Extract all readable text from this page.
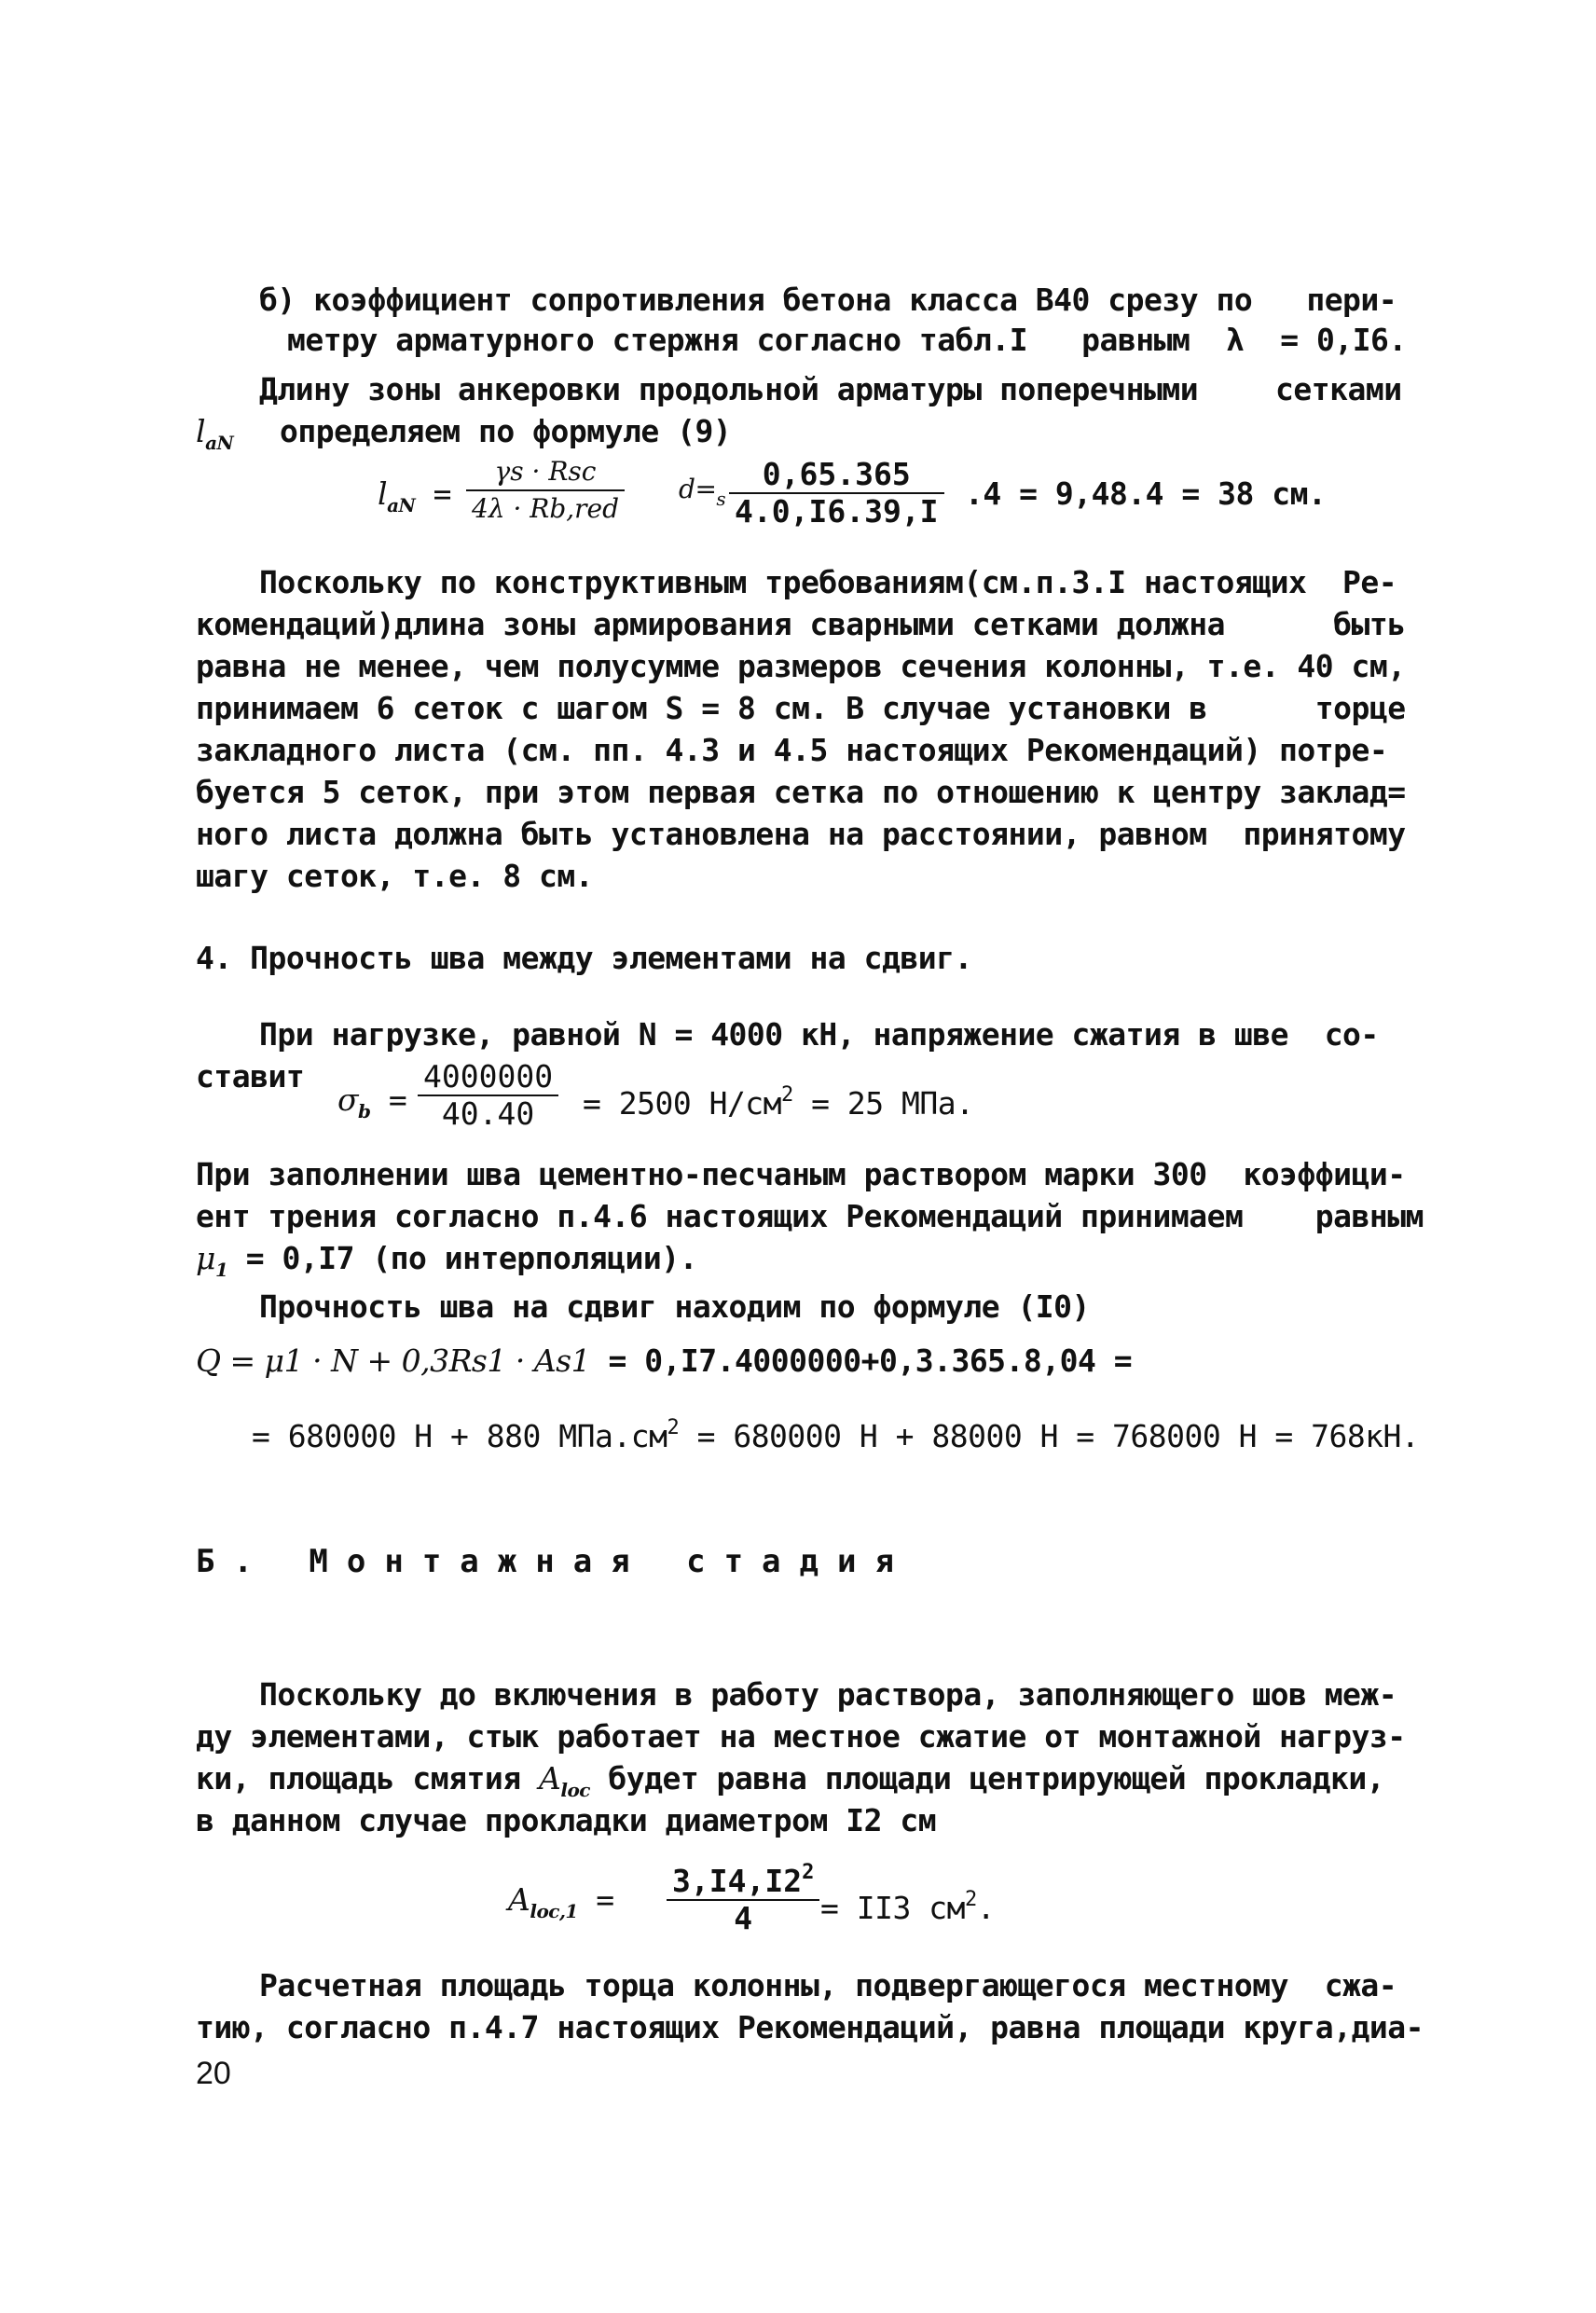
б) коэффициент сопротивления бетона класса В40 срезу по   пери-
метру арматурного стержня согласно табл.I   равным  λ  = 0,I6.
Длину зоны анкеровки продольной арматуры поперечными	сетками
$l_{aN}$ определяем по формуле (9)
$l_{aN}$ =
γs · Rsc
4λ · Rb,red
$d=_s \frac{0,65.365}{4.0,I6.39,I} .4 = 9,48.4 = 38$ см.
Поскольку по конструктивным требованиям(см.п.3.I настоящих  Ре-
комендаций)длина зоны армирования сварными сетками должна      быть
равна не менее, чем полусумме размеров сечения колонны, т.е. 40 см,
принимаем 6 сеток с шагом S = 8 см. В случае установки в      торце
закладного листа (см. пп. 4.3 и 4.5 настоящих Рекомендаций) потре-
буется 5 сеток, при этом первая сетка по отношению к центру заклад=
ного листа должна быть установлена на расстоянии, равном  принятому
шагу сеток, т.е. 8 см.
4. Прочность шва между элементами на сдвиг.
При нагрузке, равной N = 4000 кН, напряжение сжатия в шве  со-
ставит
$\sigma_b = \frac{4000000}{40.40} = 2500$ $Н/см^2 = 25$ МПа.
При заполнении шва цементно-песчаным раствором марки 300  коэффици-
ент трения согласно п.4.6 настоящих Рекомендаций принимаем    равным
$\mu_1 = 0,I7$ (по интерполяции).
Прочность шва на сдвиг находим по формуле (I0)
Q = μ1 · N + 0,3Rs1 · As1 = 0,I7.4000000+0,3.365.8,04 =
= 680000 Н + 880 $МПа.см^2 = 680000$ Н + 88000 Н = 768000 Н = 768кН.
Б. Монтажная стадия
Поскольку до включения в работу раствора, заполняющего шов меж-
ду элементами, стык работает на местное сжатие от монтажной нагруз-
ки, площадь смятия $A_{loc}$ будет равна площади центрирующей прокладки,
в данном случае прокладки диаметром I2 см
$A_{loc,1} = \frac{3,I4,I2^2}{4} = II3$ $см^2$.
Расчетная площадь торца колонны, подвергающегося местному  сжа-
тию, согласно п.4.7 настоящих Рекомендаций, равна площади круга,диа-
20
